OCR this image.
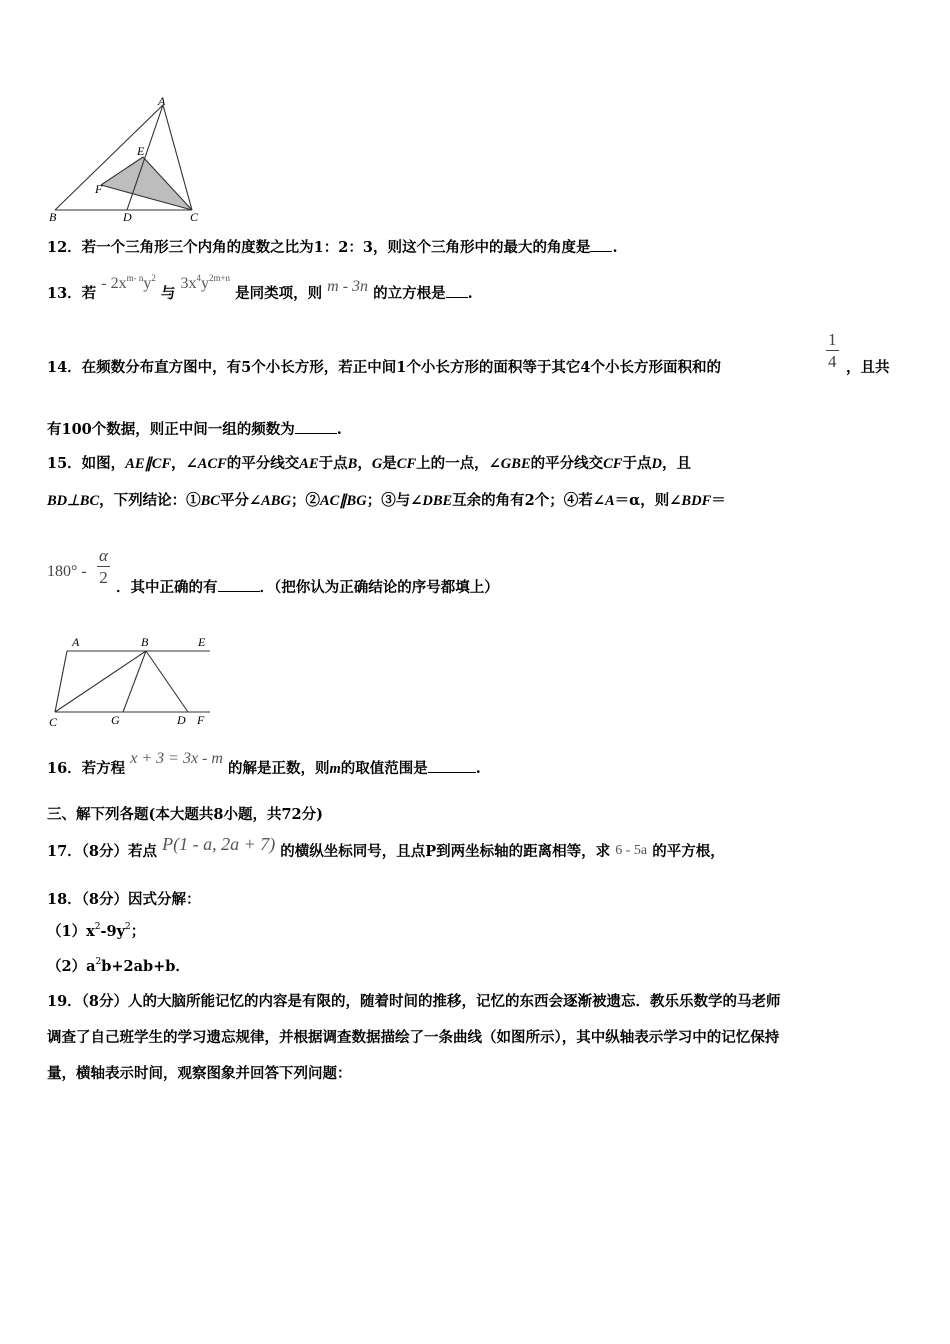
A
E
F
B	D	C
12．若一个三角形三个内角的度数之比为1：2：3，则这个三角形中的最大的角度是 .
13．若 - $2x^{m- n}y^2$ 与 $3x^4y^{2m+n}$ 是同类项，则 m - 3n 的立方根是 .
14．在频数分布直方图中，有5个小长方形，若正中间1个小长方形的面积等于其它4个小长方形面积和的	$\frac{1}{4}$ ，且共
有100个数据，则正中间一组的频数为	.
15．如图，AE∥CF，∠ACF的平分线交AE于点B，G是CF上的一点，∠GBE的平分线交CF于点D，且
BD⊥BC，下列结论：①BC平分∠ABG；②AC∥BG；③与∠DBE互余的角有2个；④若∠A＝α，则∠BDF＝
$180^\circ - \frac{\alpha}{2}$ ．其中正确的有	．（把你认为正确结论的序号都填上）
A	B	E
C	G	D F
16．若方程 x + 3 = 3x - m 的解是正数，则m的取值范围是	.
三、解下列各题(本大题共8小题，共72分)
17．（8分）若点 P(1 - a, 2a + 7) 的横纵坐标同号，且点P到两坐标轴的距离相等，求 6 - 5a 的平方根，
18．（8分）因式分解：
$(1)x^2-9y^2$；
$(2)a^2b+2ab+b$．
19．（8分）人的大脑所能记忆的内容是有限的，随着时间的推移，记忆的东西会逐渐被遗忘．教乐乐数学的马老师
调查了自己班学生的学习遗忘规律，并根据调查数据描绘了一条曲线（如图所示），其中纵轴表示学习中的记忆保持
量，横轴表示时间，观察图象并回答下列问题：
